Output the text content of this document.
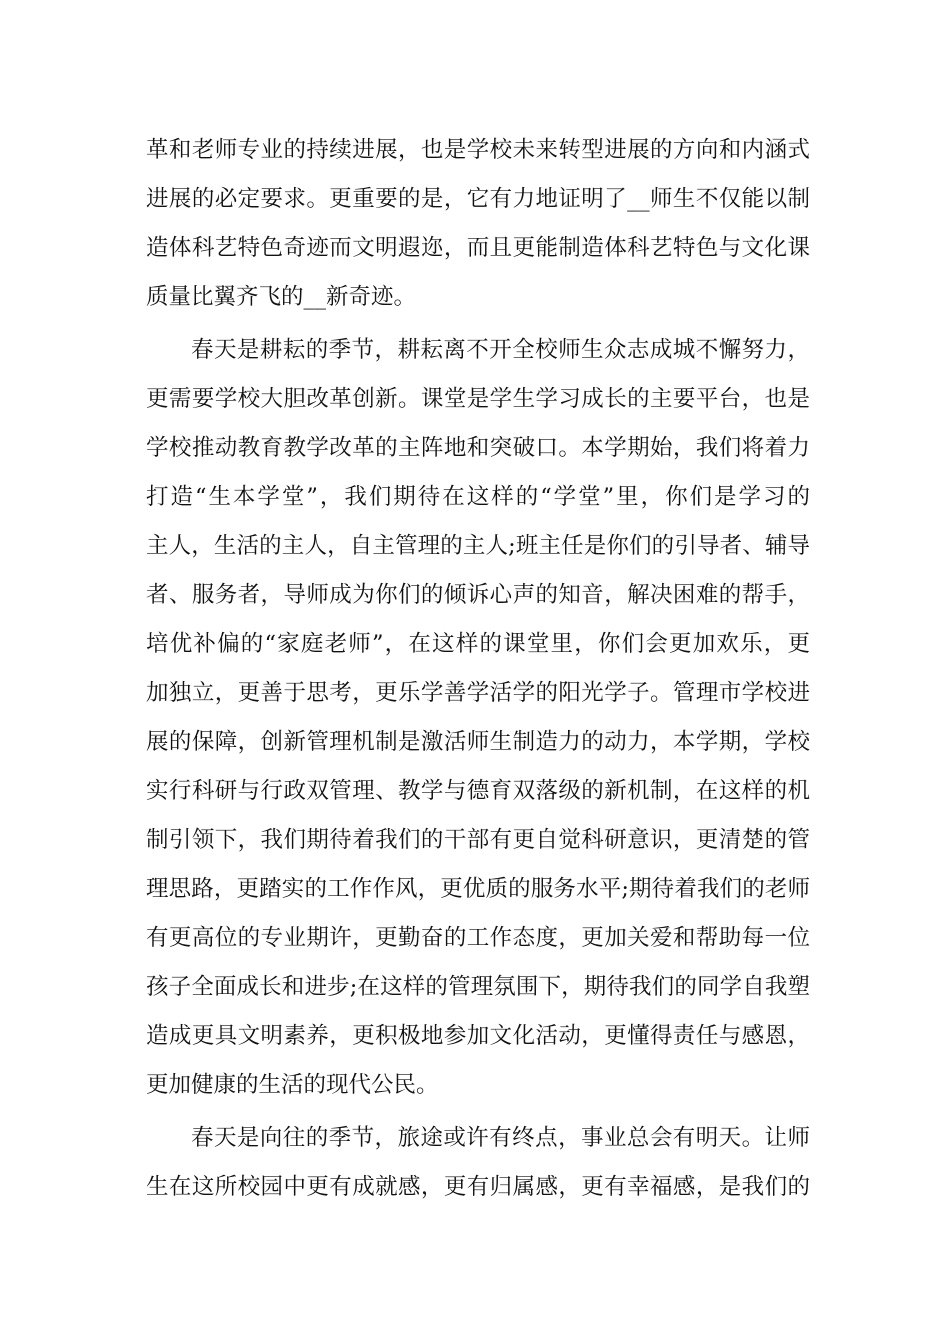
革和老师专业的持续进展，也是学校未来转型进展的方向和内涵式
进展的必定要求。更重要的是，它有力地证明了__师生不仅能以制
造体科艺特色奇迹而文明遐迩，而且更能制造体科艺特色与文化课
质量比翼齐飞的__新奇迹。
春天是耕耘的季节，耕耘离不开全校师生众志成城不懈努力，
更需要学校大胆改革创新。课堂是学生学习成长的主要平台，也是
学校推动教育教学改革的主阵地和突破口。本学期始，我们将着力
打造“生本学堂”，我们期待在这样的“学堂”里，你们是学习的
主人，生活的主人，自主管理的主人;班主任是你们的引导者、辅导
者、服务者，导师成为你们的倾诉心声的知音，解决困难的帮手，
培优补偏的“家庭老师”，在这样的课堂里，你们会更加欢乐，更
加独立，更善于思考，更乐学善学活学的阳光学子。管理市学校进
展的保障，创新管理机制是激活师生制造力的动力，本学期，学校
实行科研与行政双管理、教学与德育双落级的新机制，在这样的机
制引领下，我们期待着我们的干部有更自觉科研意识，更清楚的管
理思路，更踏实的工作作风，更优质的服务水平;期待着我们的老师
有更高位的专业期许，更勤奋的工作态度，更加关爱和帮助每一位
孩子全面成长和进步;在这样的管理氛围下，期待我们的同学自我塑
造成更具文明素养，更积极地参加文化活动，更懂得责任与感恩，
更加健康的生活的现代公民。
春天是向往的季节，旅途或许有终点，事业总会有明天。让师
生在这所校园中更有成就感，更有归属感，更有幸福感，是我们的
